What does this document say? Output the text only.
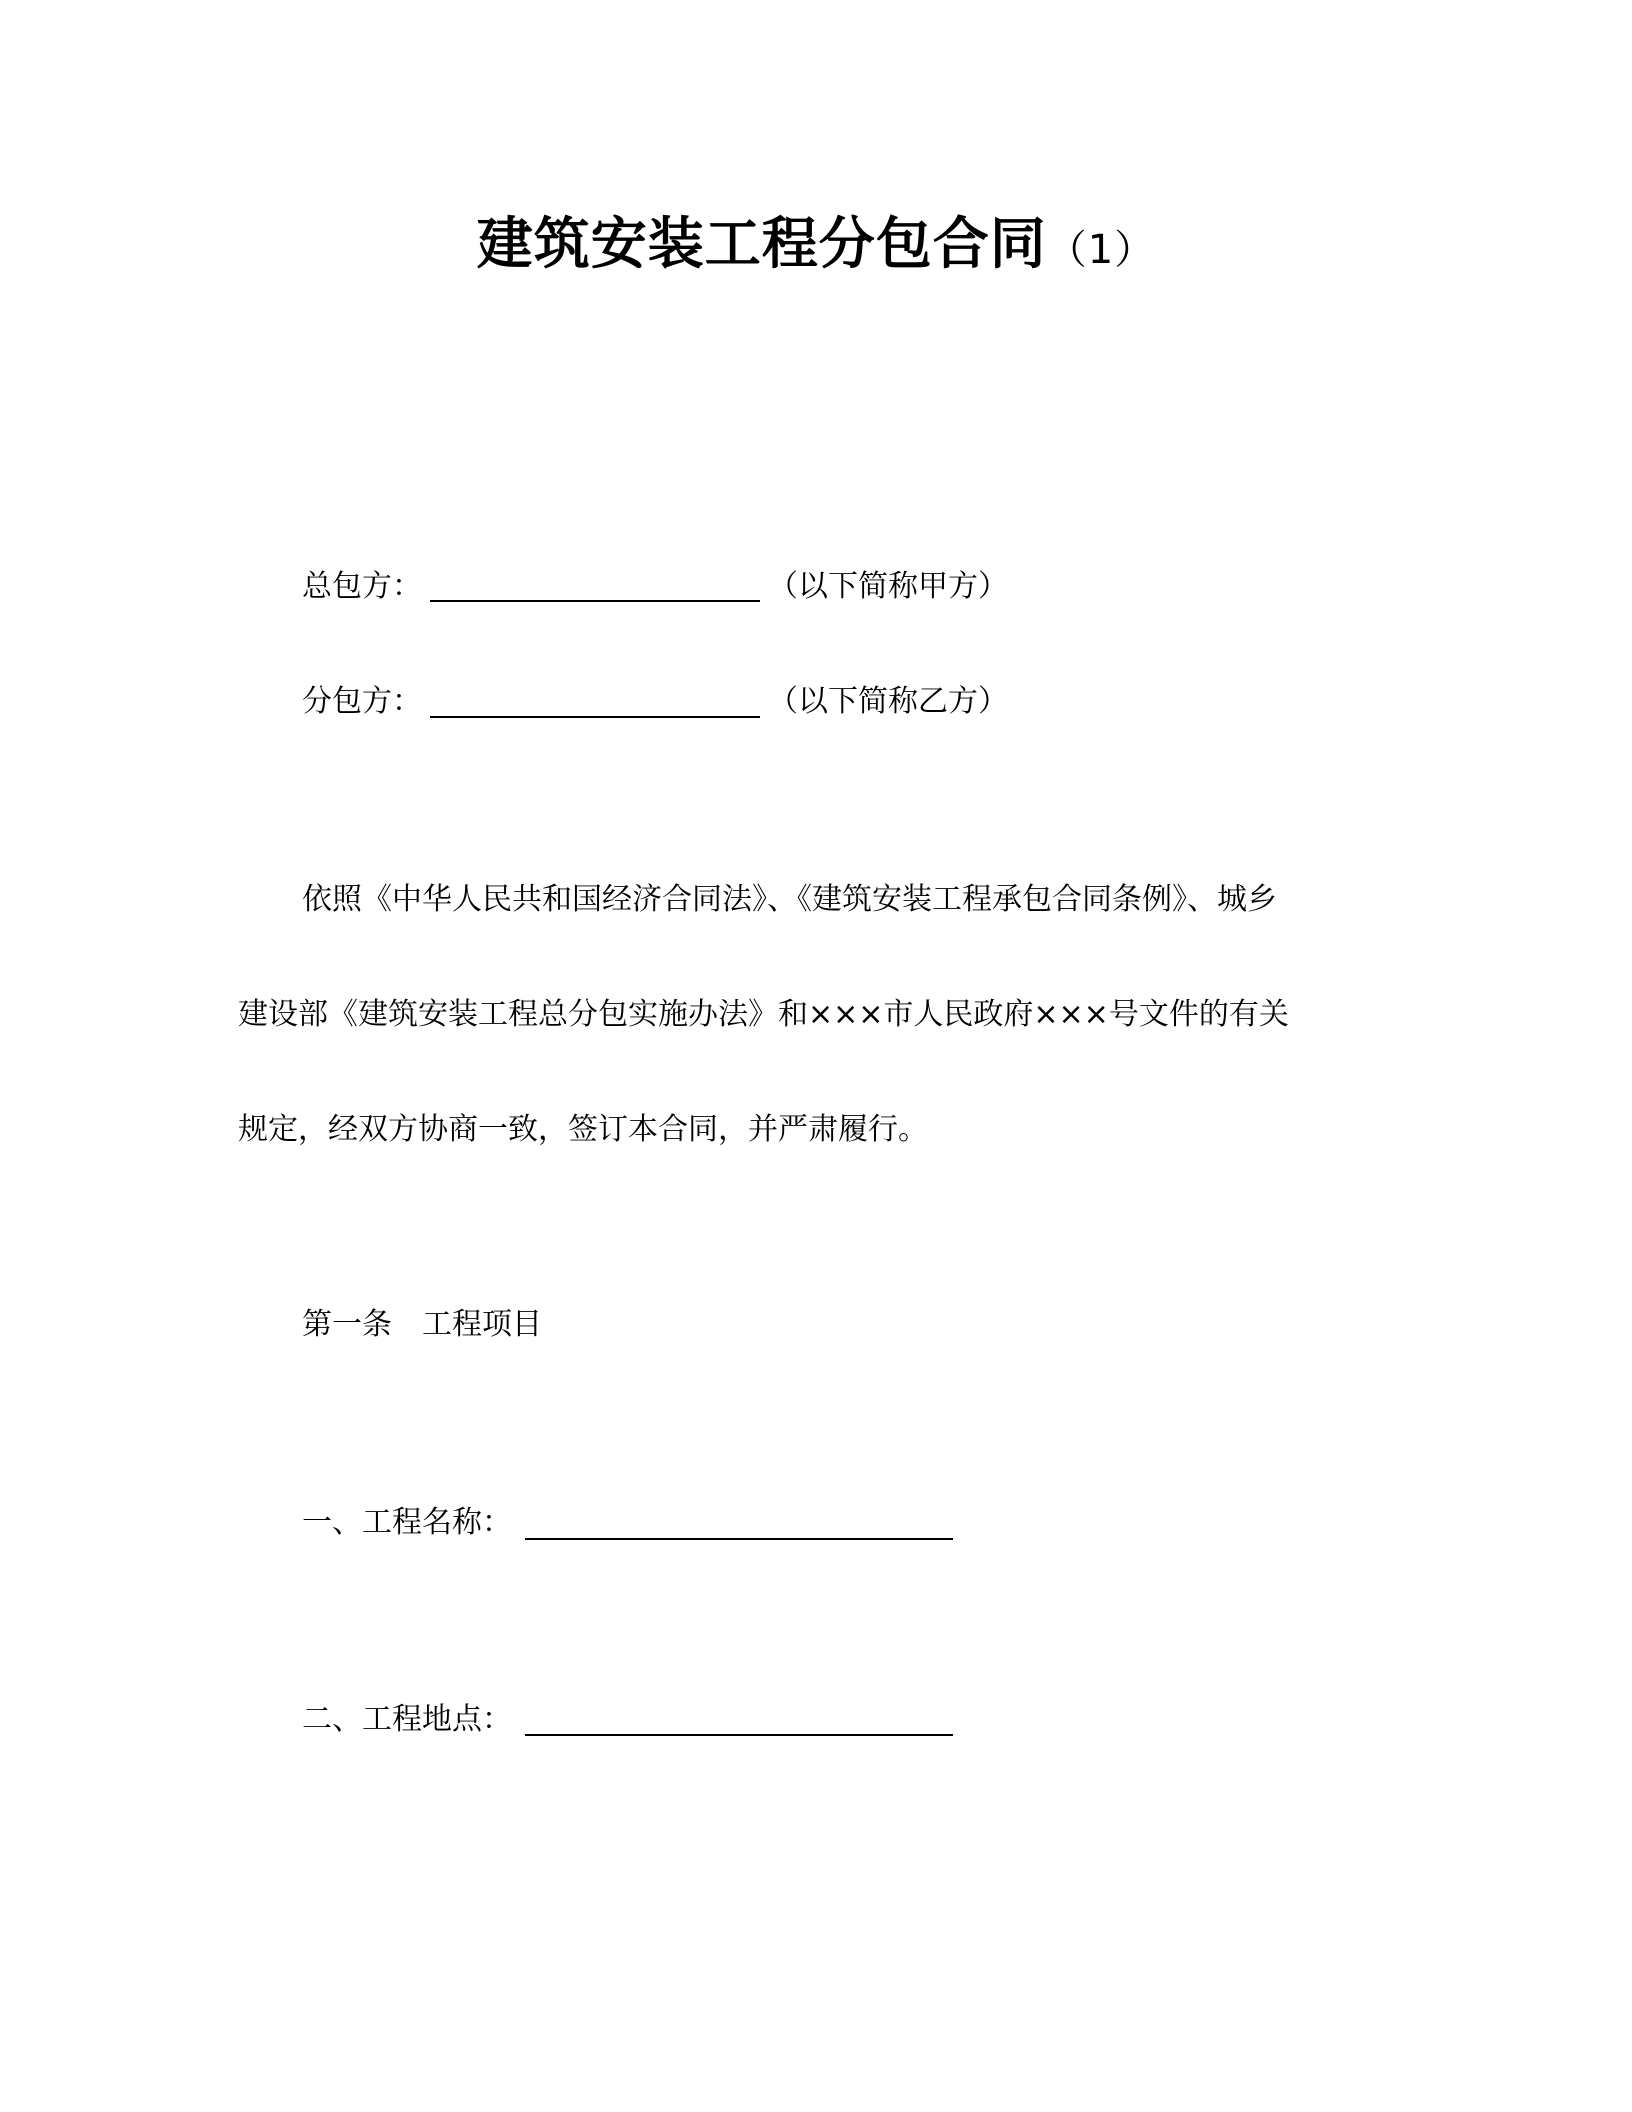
建筑安装工程分包合同（1）
总包方：	（以下简称甲方）
分包方：	（以下简称乙方）
依照《中华人民共和国经济合同法》、《建筑安装工程承包合同条例》、城乡
建设部《建筑安装工程总分包实施办法》和×××市人民政府×××号文件的有关
规定，经双方协商一致，签订本合同，并严肃履行。
第一条　工程项目
一、工程名称：
二、工程地点：
